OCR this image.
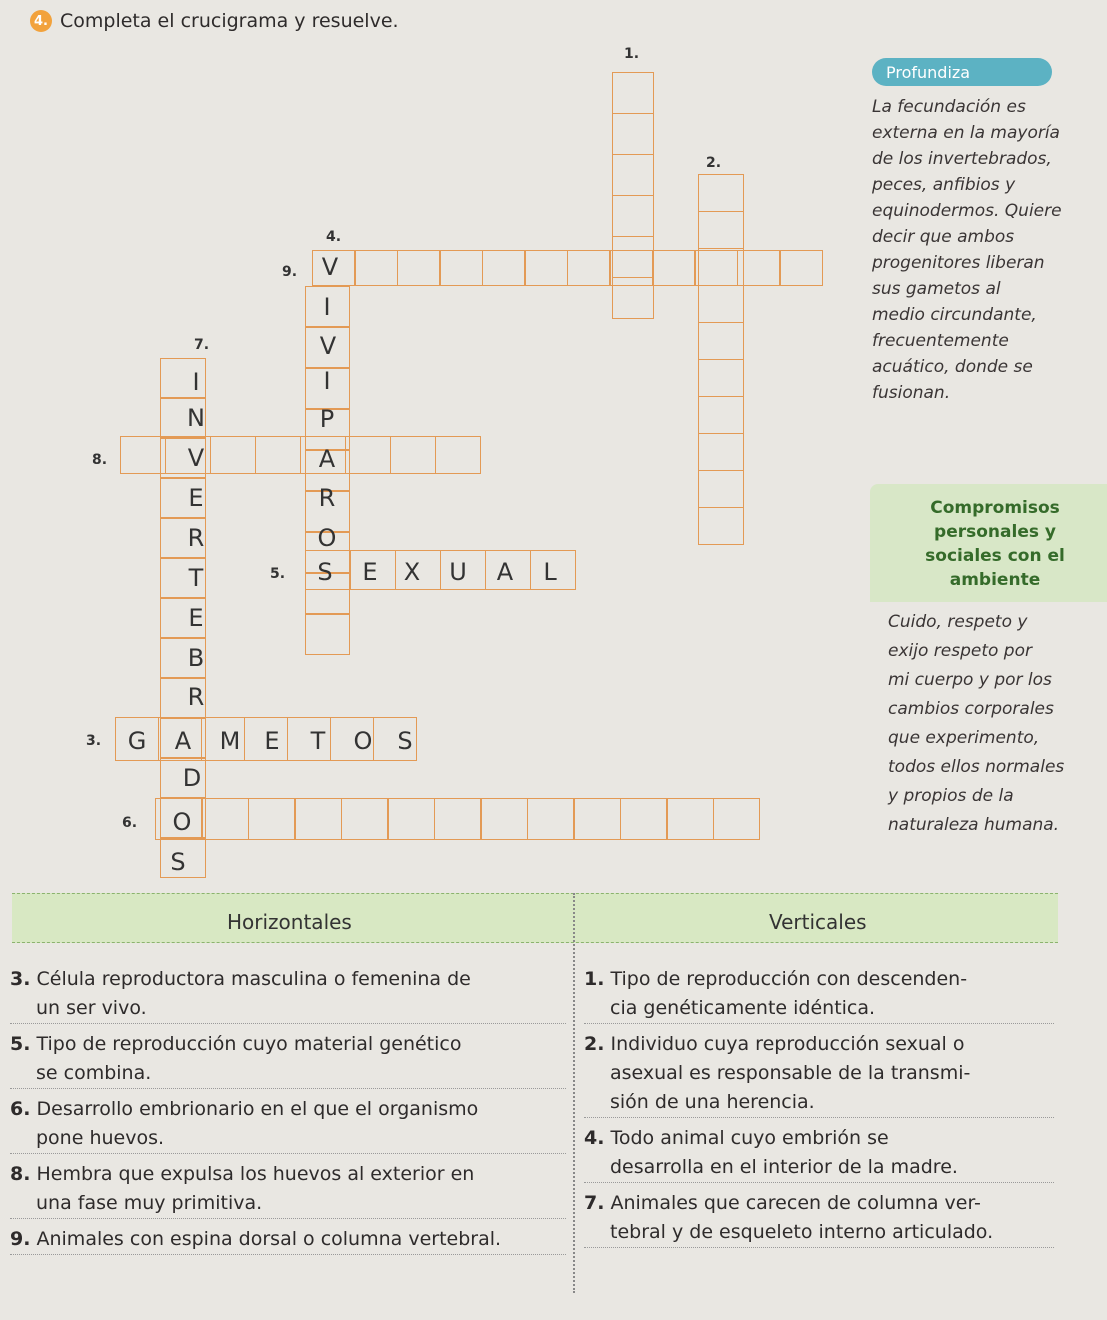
4. Completa el crucigrama y resuelve.
1.
2.
4.
9.
7.
8.
5.
3.
6.
V
I
V
I
P
A
R
O
S E X U A L
I
N
V
E
R
T
E
B
R
G A M E T O S
D
O
S
Profundiza
La fecundación es
externa en la mayoría
de los invertebrados,
peces, anfibios y
equinodermos. Quiere
decir que ambos
progenitores liberan
sus gametos al
medio circundante,
frecuentemente
acuático, donde se
fusionan.
Compromisos
personales y
sociales con el
ambiente
Cuido, respeto y
exijo respeto por
mi cuerpo y por los
cambios corporales
que experimento,
todos ellos normales
y propios de la
naturaleza humana.
Horizontales	Verticales
3. Célula reproductora masculina o femenina de
un ser vivo.
5. Tipo de reproducción cuyo material genético
se combina.
6. Desarrollo embrionario en el que el organismo
pone huevos.
8. Hembra que expulsa los huevos al exterior en
una fase muy primitiva.
9. Animales con espina dorsal o columna vertebral.
1. Tipo de reproducción con descenden-
cia genéticamente idéntica.
2. Individuo cuya reproducción sexual o
asexual es responsable de la transmi-
sión de una herencia.
4. Todo animal cuyo embrión se
desarrolla en el interior de la madre.
7. Animales que carecen de columna ver-
tebral y de esqueleto interno articulado.
